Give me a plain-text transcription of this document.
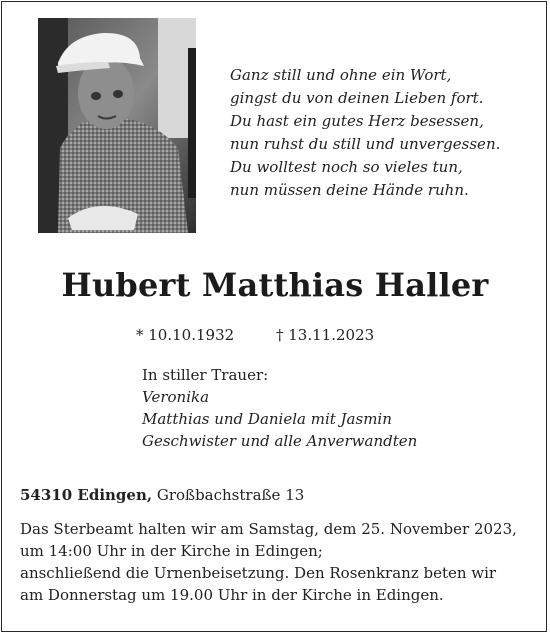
Ganz still und ohne ein Wort,
gingst du von deinen Lieben fort.
Du hast ein gutes Herz besessen,
nun ruhst du still und unvergessen.
Du wolltest noch so vieles tun,
nun müssen deine Hände ruhn.
Hubert Matthias Haller
* 10.10.1932	† 13.11.2023
In stiller Trauer:
Veronika
Matthias und Daniela mit Jasmin
Geschwister und alle Anverwandten
54310 Edingen, Großbachstraße 13
Das Sterbeamt halten wir am Samstag, dem 25. November 2023,
um 14:00 Uhr in der Kirche in Edingen;
anschließend die Urnenbeisetzung. Den Rosenkranz beten wir
am Donnerstag um 19.00 Uhr in der Kirche in Edingen.
